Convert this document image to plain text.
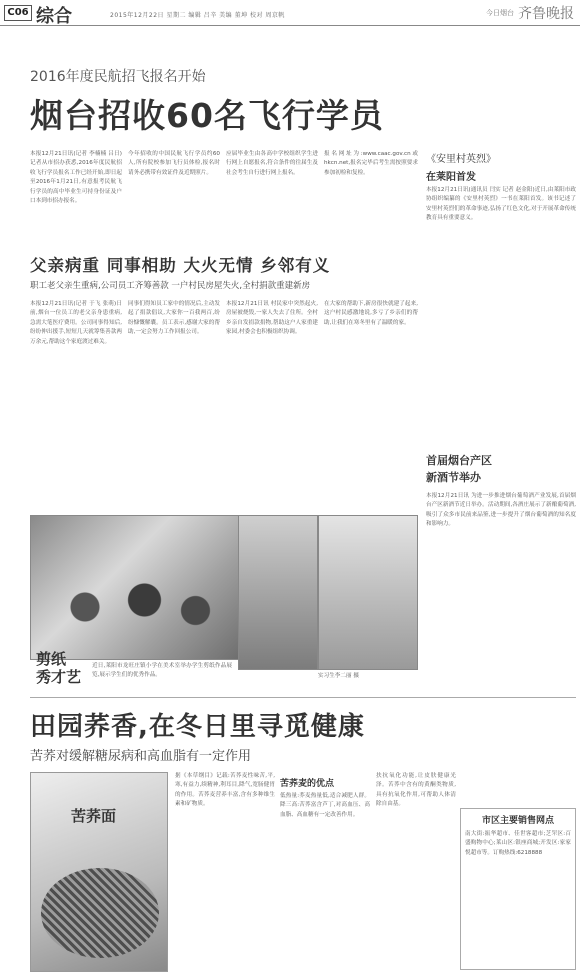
C06 综合	2015年12月22日 星期二 编辑 吕辛 美编 董坤 校对 周京帆	今日烟台 齐鲁晚报
2016年度民航招飞报名开始
烟台招收60名飞行学员
本报12月21日讯(记者 李楠楠 吕日)记者从市招办获悉,2016年度民航招收飞行学员报名工作已经开始,即日起至2016年1月21日,有意报考民航飞行学员的高中毕业生可持身份证及户口本到市招办报名。
今年招收的中国民航飞行学员约60人,所有院校参加飞行员体检,报名时请务必携带有效证件及近期照片。
应届毕业生由各高中学校组织学生进行网上自愿报名,符合条件的往届生及社会考生自行进行网上报名。
报名网址为:www.caac.gov.cn或hkcn.net,报名完毕后考生需按照要求参加初检和复检。
父亲病重 同事相助 大火无情 乡邻有义
职工老父亲生重病,公司员工齐筹善款 一户村民房屋失火,全村捐款重建新房
本报12月21日讯(记者 于飞 张萌)日前,烟台一位员工的老父亲身患重病,急需大笔医疗费用。公司同事得知后,纷纷伸出援手,短短几天就筹集善款两万余元,帮助这个家庭渡过难关。
同事们得知员工家中的情况后,主动发起了捐款倡议,大家你一百我两百,纷纷慷慨解囊。员工表示,感谢大家的帮助,一定会努力工作回报公司。
本报12月21日讯 村民家中突然起火,房屋被烧毁,一家人失去了住所。全村乡亲自发捐款捐物,帮助这户人家重建家园,村委会也积极组织协调。
在大家的帮助下,新房很快就建了起来,这户村民感激地说,多亏了乡亲们的帮助,让我们在寒冬里有了温暖的家。
剪纸
秀才艺
近日,莱阳市龙旺庄镇小学在美术室举办学生剪纸作品展览,展示学生们的优秀作品。	实习生李二丽 摄
《安里村英烈》
在莱阳首发
本报12月21日讯(通讯员 闫实 记者 赵金阳)近日,由莱阳市政协组织编纂的《安里村英烈》一书在莱阳首发。该书记述了安里村英烈们的革命事迹,弘扬了红色文化,对于开展革命传统教育具有重要意义。
首届烟台产区
新酒节举办
本报12月21日讯 为进一步推进烟台葡萄酒产业发展,首届烟台产区新酒节近日举办。活动期间,各酒庄展示了新酿葡萄酒,吸引了众多市民前来品鉴,进一步提升了烟台葡萄酒的知名度和影响力。
田园荞香,在冬日里寻觅健康
苦荞对缓解糖尿病和高血脂有一定作用
苦荞面
据《本草纲目》记载:苦荞麦性味苦,平,寒,有益力,续精神,利耳目,降气,宽肠健胃的作用。苦荞麦营养丰富,含有多种维生素和矿物质。
苦荞麦的优点
低热量:荞麦热量低,适合减肥人群。降三高:苦荞富含芦丁,对高血压、高血脂、高血糖有一定改善作用。
扶抗氧化功能,让皮肤健康光泽。苦荞中含有的黄酮类物质,具有抗氧化作用,可帮助人体清除自由基。
市区主要销售网点
南大街:振华超市、佳世客超市;芝罘区:百盛购物中心;莱山区:银座商城;开发区:家家悦超市等。订购热线:6218888
